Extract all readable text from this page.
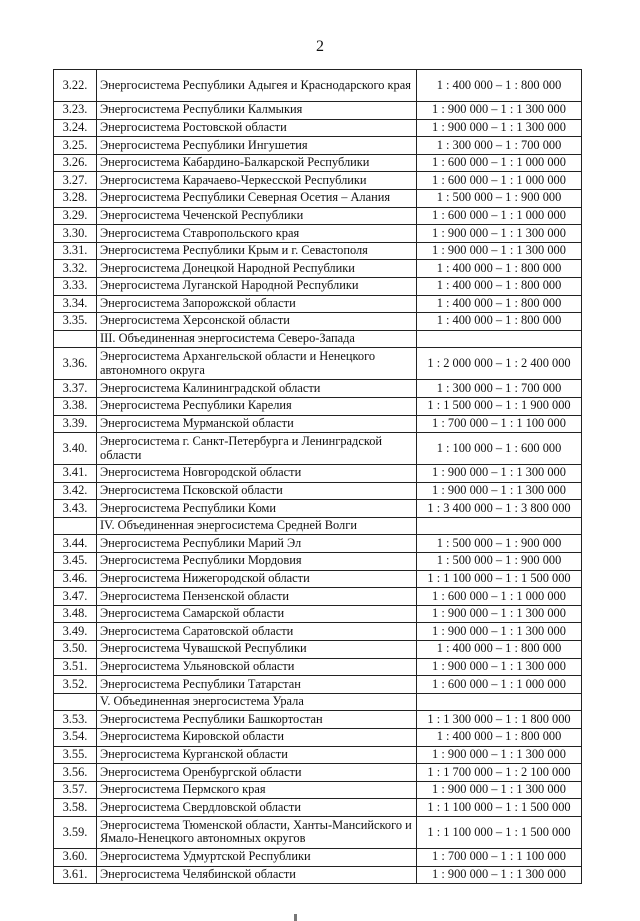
2
3.22.	Энергосистема Республики Адыгея и Краснодарского края	1 : 400 000 – 1 : 800 000
3.23.	Энергосистема Республики Калмыкия	1 : 900 000 – 1 : 1 300 000
3.24.	Энергосистема Ростовской области	1 : 900 000 – 1 : 1 300 000
3.25.	Энергосистема Республики Ингушетия	1 : 300 000 – 1 : 700 000
3.26.	Энергосистема Кабардино-Балкарской Республики	1 : 600 000 – 1 : 1 000 000
3.27.	Энергосистема Карачаево-Черкесской Республики	1 : 600 000 – 1 : 1 000 000
3.28.	Энергосистема Республики Северная Осетия – Алания	1 : 500 000 – 1 : 900 000
3.29.	Энергосистема Чеченской Республики	1 : 600 000 – 1 : 1 000 000
3.30.	Энергосистема Ставропольского края	1 : 900 000 – 1 : 1 300 000
3.31.	Энергосистема Республики Крым и г. Севастополя	1 : 900 000 – 1 : 1 300 000
3.32.	Энергосистема Донецкой Народной Республики	1 : 400 000 – 1 : 800 000
3.33.	Энергосистема Луганской Народной Республики	1 : 400 000 – 1 : 800 000
3.34.	Энергосистема Запорожской области	1 : 400 000 – 1 : 800 000
3.35.	Энергосистема Херсонской области	1 : 400 000 – 1 : 800 000
	III. Объединенная энергосистема Северо-Запада	
3.36.	Энергосистема Архангельской области и Ненецкого автономного округа	1 : 2 000 000 – 1 : 2 400 000
3.37.	Энергосистема Калининградской области	1 : 300 000 – 1 : 700 000
3.38.	Энергосистема Республики Карелия	1 : 1 500 000 – 1 : 1 900 000
3.39.	Энергосистема Мурманской области	1 : 700 000 – 1 : 1 100 000
3.40.	Энергосистема г. Санкт-Петербурга и Ленинградской области	1 : 100 000 – 1 : 600 000
3.41.	Энергосистема Новгородской области	1 : 900 000 – 1 : 1 300 000
3.42.	Энергосистема Псковской области	1 : 900 000 – 1 : 1 300 000
3.43.	Энергосистема Республики Коми	1 : 3 400 000 – 1 : 3 800 000
	IV. Объединенная энергосистема Средней Волги	
3.44.	Энергосистема Республики Марий Эл	1 : 500 000 – 1 : 900 000
3.45.	Энергосистема Республики Мордовия	1 : 500 000 – 1 : 900 000
3.46.	Энергосистема Нижегородской области	1 : 1 100 000 – 1 : 1 500 000
3.47.	Энергосистема Пензенской области	1 : 600 000 – 1 : 1 000 000
3.48.	Энергосистема Самарской области	1 : 900 000 – 1 : 1 300 000
3.49.	Энергосистема Саратовской области	1 : 900 000 – 1 : 1 300 000
3.50.	Энергосистема Чувашской Республики	1 : 400 000 – 1 : 800 000
3.51.	Энергосистема Ульяновской области	1 : 900 000 – 1 : 1 300 000
3.52.	Энергосистема Республики Татарстан	1 : 600 000 – 1 : 1 000 000
	V. Объединенная энергосистема Урала	
3.53.	Энергосистема Республики Башкортостан	1 : 1 300 000 – 1 : 1 800 000
3.54.	Энергосистема Кировской области	1 : 400 000 – 1 : 800 000
3.55.	Энергосистема Курганской области	1 : 900 000 – 1 : 1 300 000
3.56.	Энергосистема Оренбургской области	1 : 1 700 000 – 1 : 2 100 000
3.57.	Энергосистема Пермского края	1 : 900 000 – 1 : 1 300 000
3.58.	Энергосистема Свердловской области	1 : 1 100 000 – 1 : 1 500 000
3.59.	Энергосистема Тюменской области, Ханты-Мансийского и Ямало-Ненецкого автономных округов	1 : 1 100 000 – 1 : 1 500 000
3.60.	Энергосистема Удмуртской Республики	1 : 700 000 – 1 : 1 100 000
3.61.	Энергосистема Челябинской области	1 : 900 000 – 1 : 1 300 000
